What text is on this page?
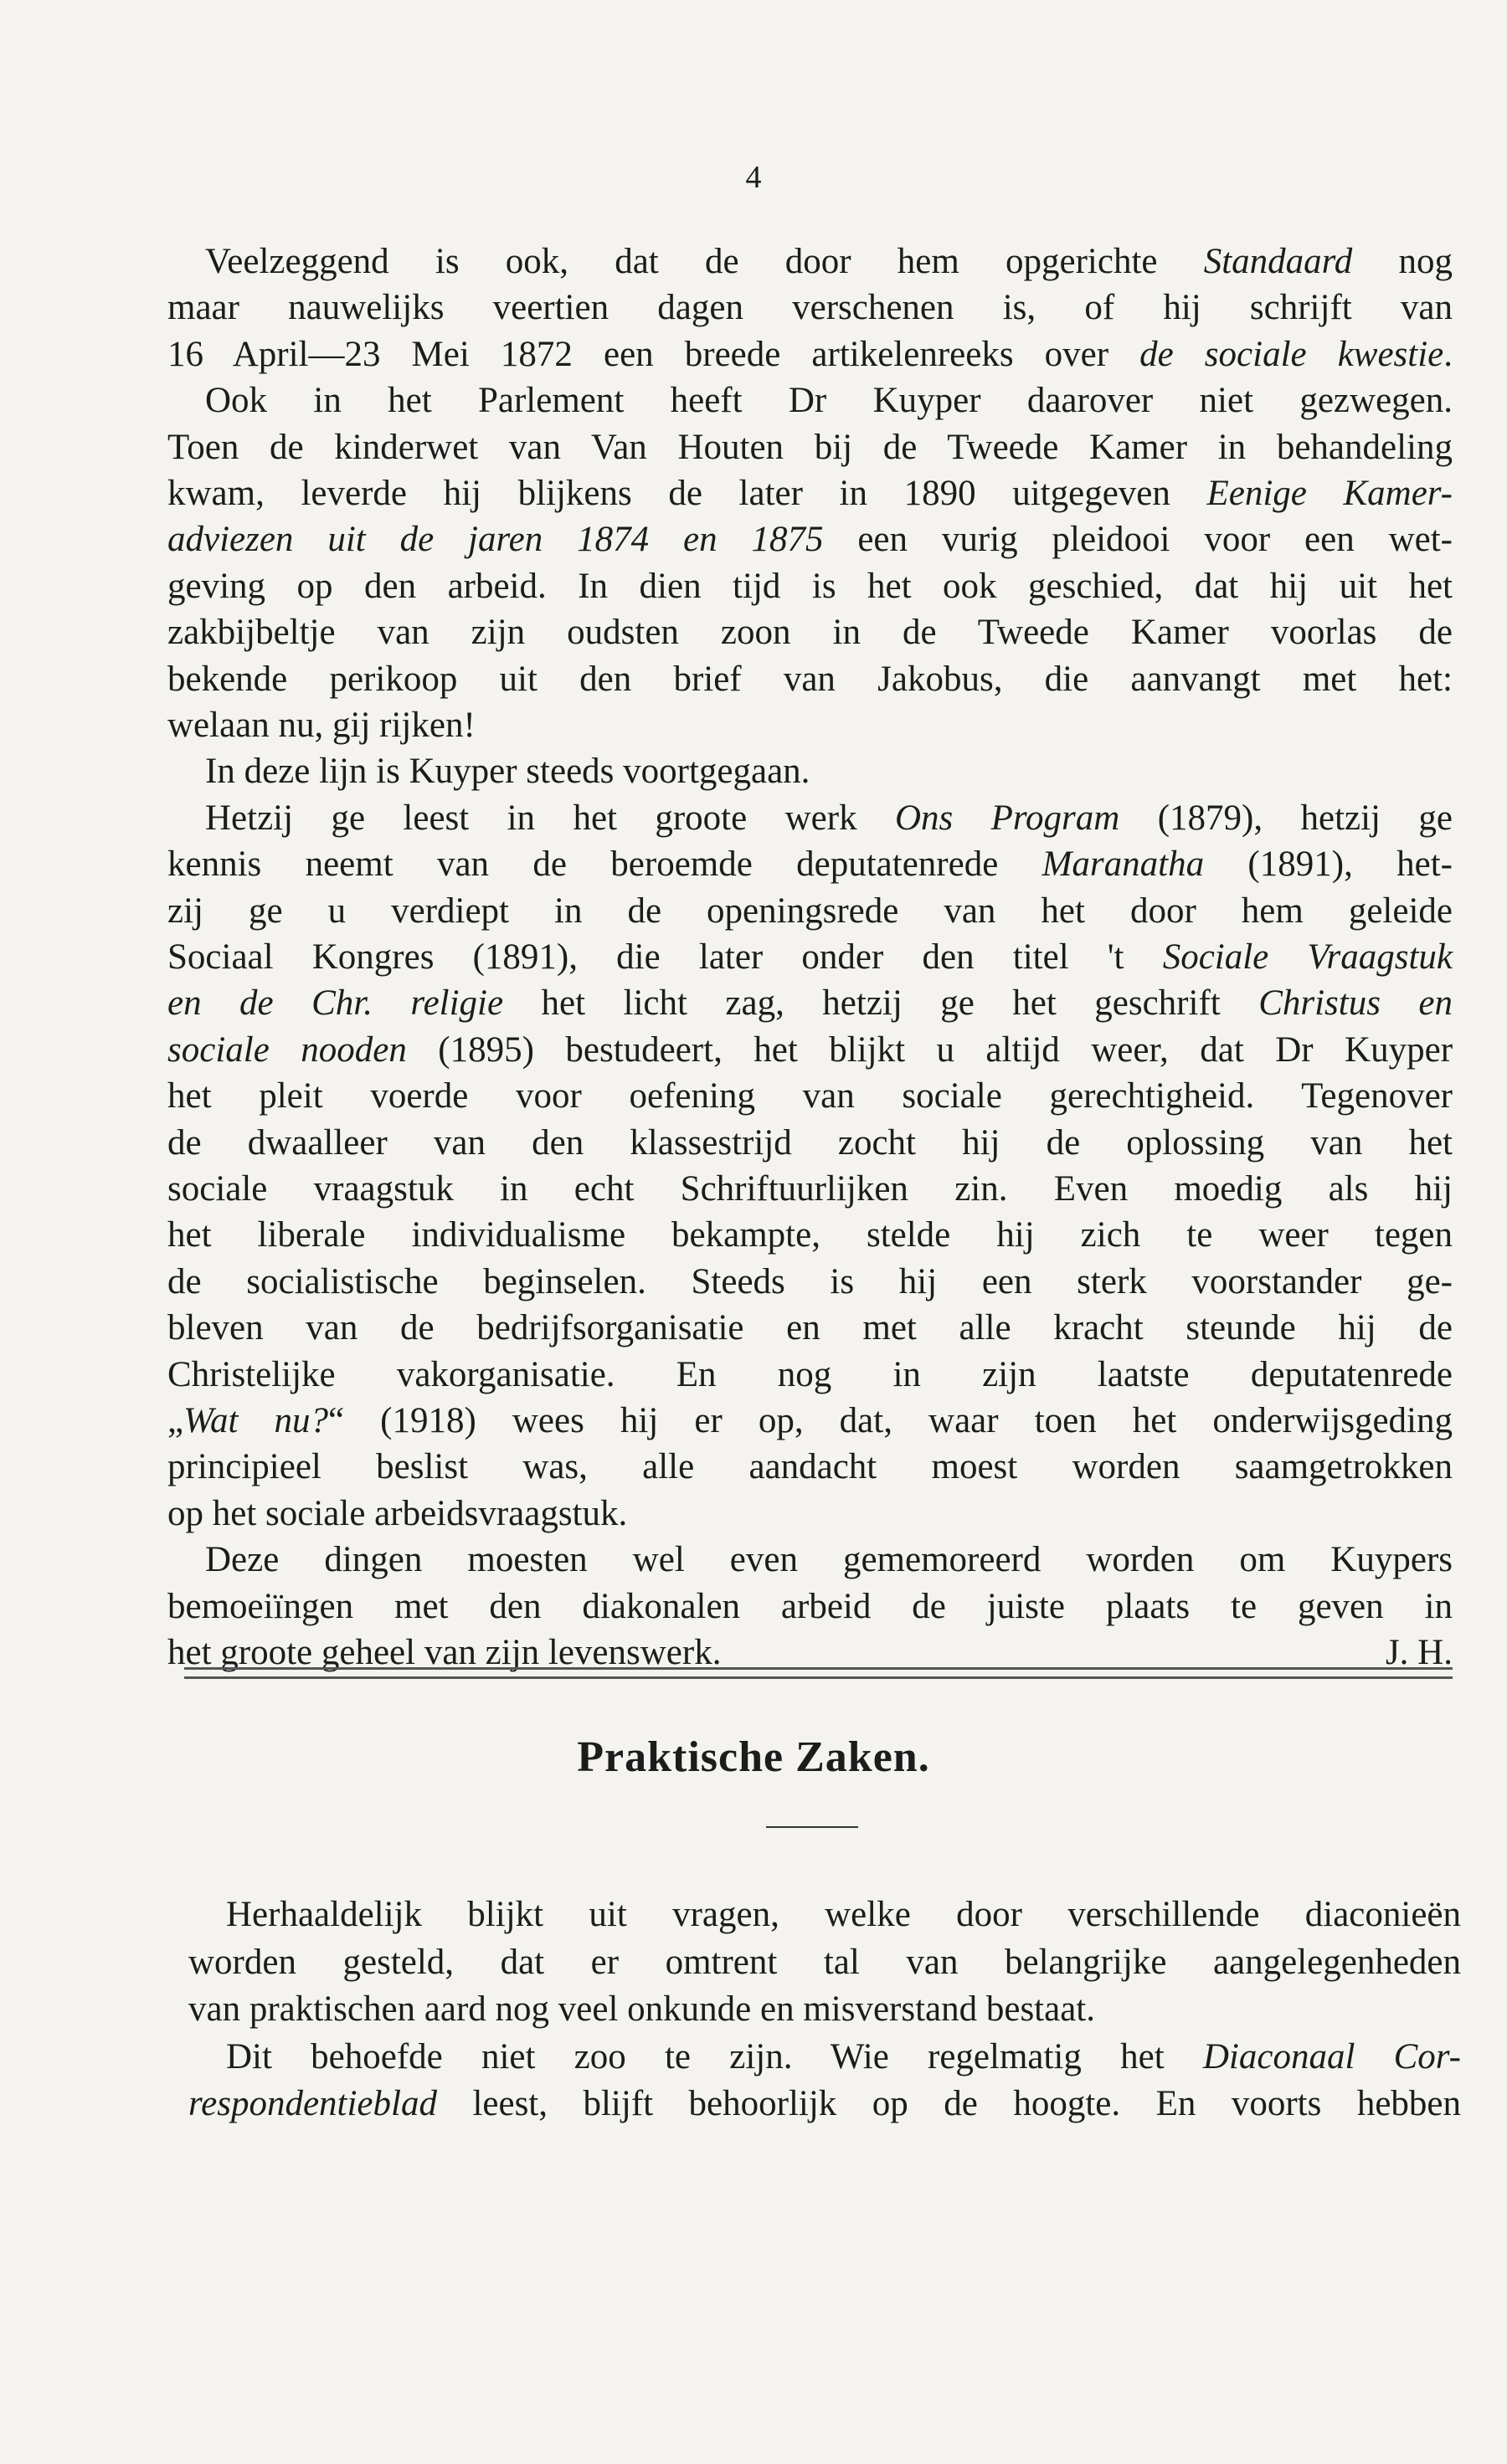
4
Veelzeggend is ook, dat de door hem opgerichte Standaard nog
maar nauwelijks veertien dagen verschenen is, of hij schrijft van
16 April—23 Mei 1872 een breede artikelenreeks over de sociale kwestie.
Ook in het Parlement heeft Dr Kuyper daarover niet gezwegen.
Toen de kinderwet van Van Houten bij de Tweede Kamer in behandeling
kwam, leverde hij blijkens de later in 1890 uitgegeven Eenige Kamer-
adviezen uit de jaren 1874 en 1875 een vurig pleidooi voor een wet-
geving op den arbeid. In dien tijd is het ook geschied, dat hij uit het
zakbijbeltje van zijn oudsten zoon in de Tweede Kamer voorlas de
bekende perikoop uit den brief van Jakobus, die aanvangt met het:
welaan nu, gij rijken!
In deze lijn is Kuyper steeds voortgegaan.
Hetzij ge leest in het groote werk Ons Program (1879), hetzij ge
kennis neemt van de beroemde deputatenrede Maranatha (1891), het-
zij ge u verdiept in de openingsrede van het door hem geleide
Sociaal Kongres (1891), die later onder den titel 't Sociale Vraagstuk
en de Chr. religie het licht zag, hetzij ge het geschrift Christus en
sociale nooden (1895) bestudeert, het blijkt u altijd weer, dat Dr Kuyper
het pleit voerde voor oefening van sociale gerechtigheid. Tegenover
de dwaalleer van den klassestrijd zocht hij de oplossing van het
sociale vraagstuk in echt Schriftuurlijken zin. Even moedig als hij
het liberale individualisme bekampte, stelde hij zich te weer tegen
de socialistische beginselen. Steeds is hij een sterk voorstander ge-
bleven van de bedrijfsorganisatie en met alle kracht steunde hij de
Christelijke vakorganisatie. En nog in zijn laatste deputatenrede
„Wat nu?“ (1918) wees hij er op, dat, waar toen het onderwijsgeding
principieel beslist was, alle aandacht moest worden saamgetrokken
op het sociale arbeidsvraagstuk.
Deze dingen moesten wel even gememoreerd worden om Kuypers
bemoeiïngen met den diakonalen arbeid de juiste plaats te geven in
het groote geheel van zijn levenswerk.	J. H.
Praktische Zaken.
Herhaaldelijk blijkt uit vragen, welke door verschillende diaconieën
worden gesteld, dat er omtrent tal van belangrijke aangelegenheden
van praktischen aard nog veel onkunde en misverstand bestaat.
Dit behoefde niet zoo te zijn. Wie regelmatig het Diaconaal Cor-
respondentieblad leest, blijft behoorlijk op de hoogte. En voorts hebben
